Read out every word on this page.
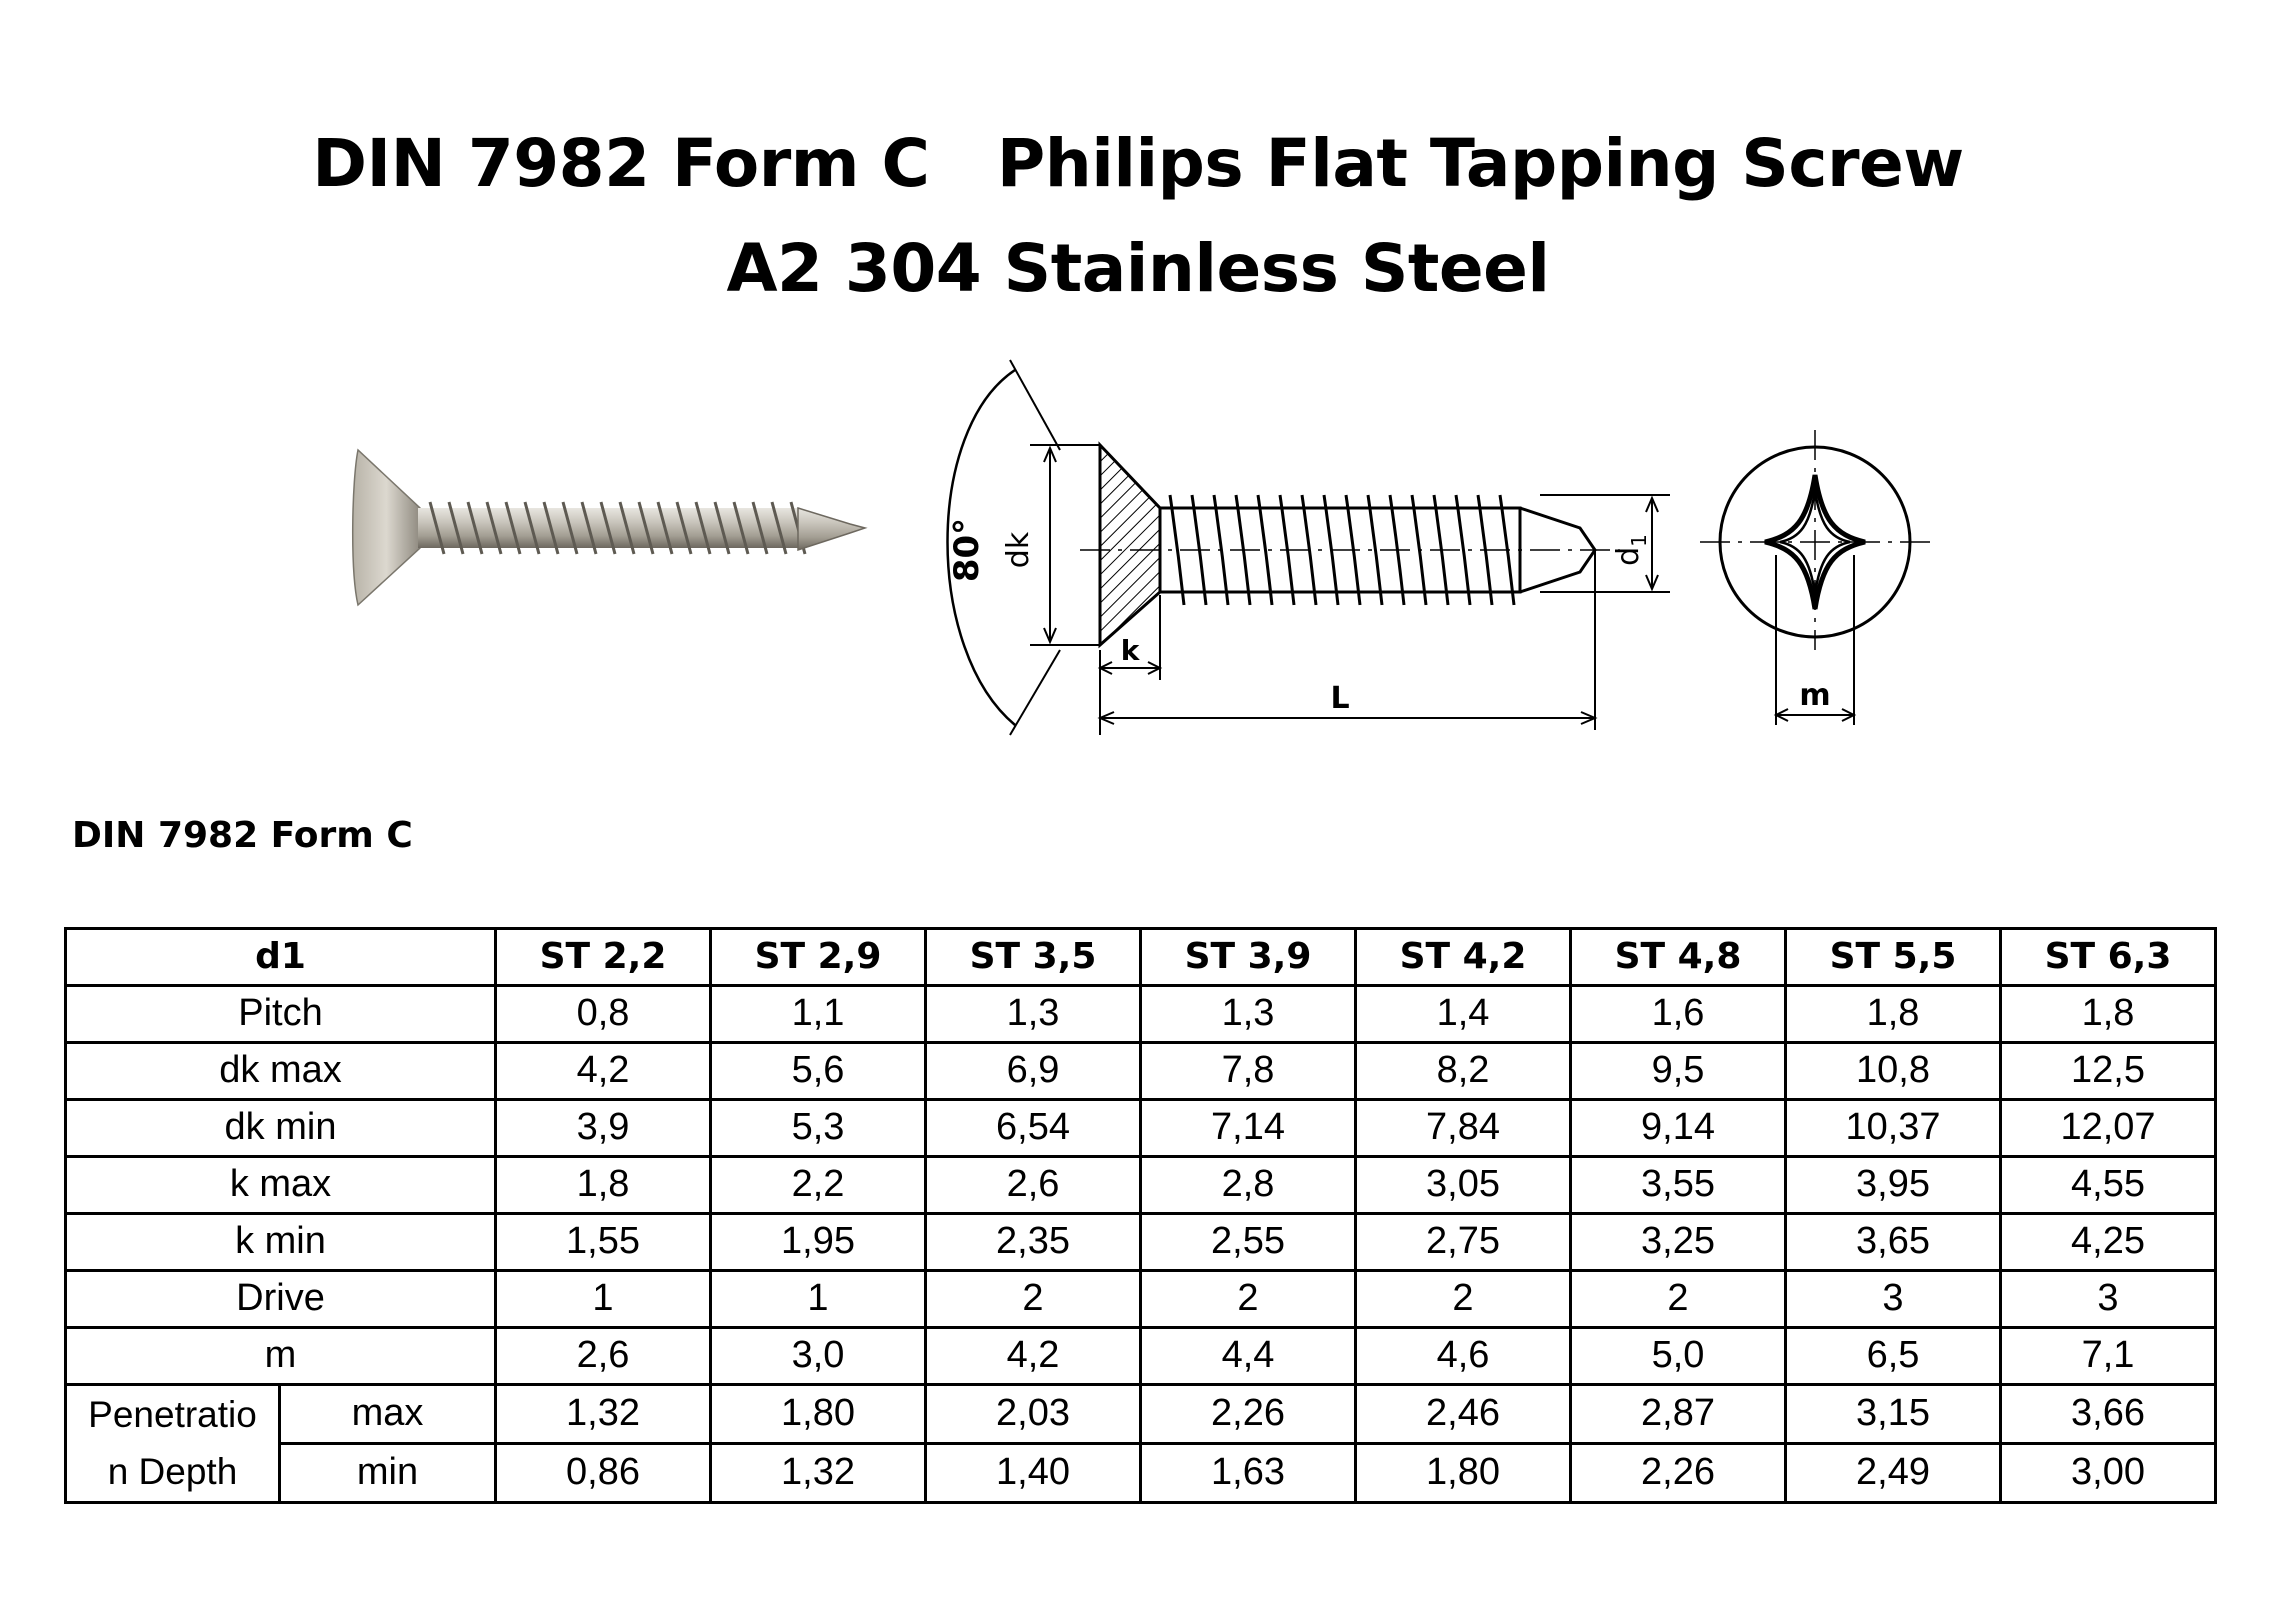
DIN 7982 Form C   Philips Flat Tapping Screw
A2 304 Stainless Steel
80° dk
k
L
$d_1$
m
DIN 7982 Form C
d1		ST 2,2	ST 2,9	ST 3,5	ST 3,9	ST 4,2	ST 4,8	ST 5,5	ST 6,3
Pitch		0,8	1,1	1,3	1,3	1,4	1,6	1,8	1,8
dk max		4,2	5,6	6,9	7,8	8,2	9,5	10,8	12,5
dk min		3,9	5,3	6,54	7,14	7,84	9,14	10,37	12,07
k max		1,8	2,2	2,6	2,8	3,05	3,55	3,95	4,55
k min		1,55	1,95	2,35	2,55	2,75	3,25	3,65	4,25
Drive		1	1	2	2	2	2	3	3
m		2,6	3,0	4,2	4,4	4,6	5,0	6,5	7,1

Penetratio
n Depth	max	1,32	1,80	2,03	2,26	2,46	2,87	3,15	3,66
	min	0,86	1,32	1,40	1,63	1,80	2,26	2,49	3,00
